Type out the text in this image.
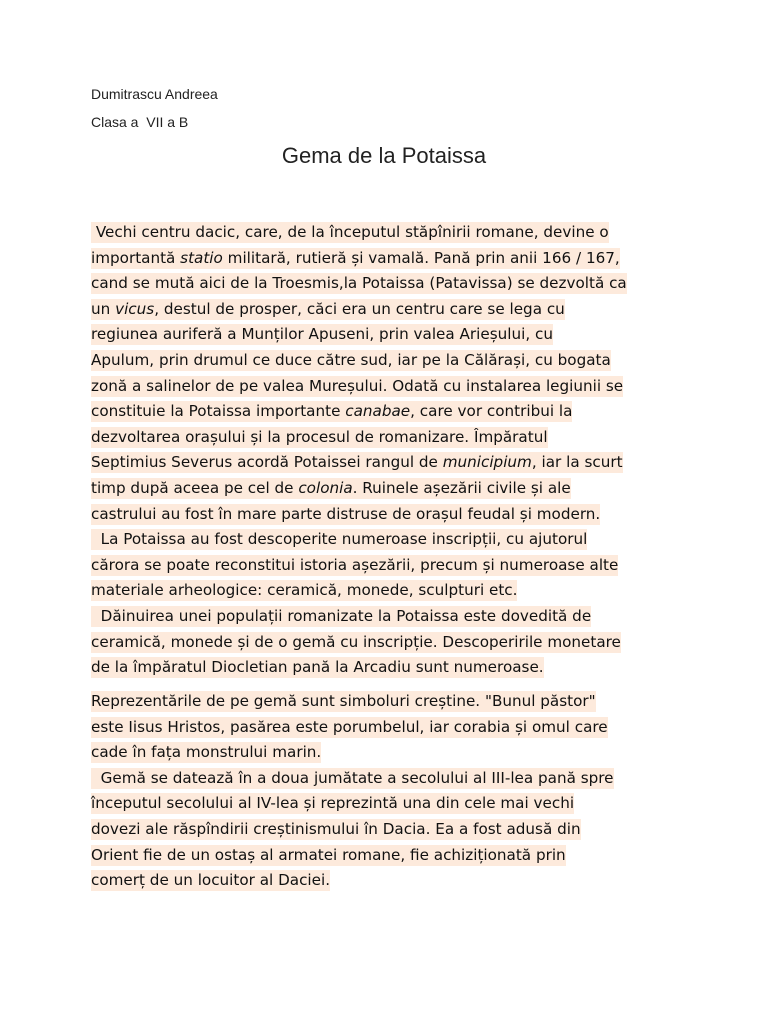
Dumitrascu Andreea
Clasa a  VII a B
Gema de la Potaissa
Vechi centru dacic, care, de la începutul stăpînirii romane, devine o
importantă statio militară, rutieră și vamală. Pană prin anii 166 / 167,
cand se mută aici de la Troesmis,la Potaissa (Patavissa) se dezvoltă ca
un vicus, destul de prosper, căci era un centru care se lega cu
regiunea auriferă a Munților Apuseni, prin valea Arieșului, cu
Apulum, prin drumul ce duce către sud, iar pe la Călărași, cu bogata
zonă a salinelor de pe valea Mureșului. Odată cu instalarea legiunii se
constituie la Potaissa importante canabae, care vor contribui la
dezvoltarea orașului și la procesul de romanizare. Împăratul
Septimius Severus acordă Potaissei rangul de municipium, iar la scurt
timp după aceea pe cel de colonia. Ruinele așezării civile și ale
castrului au fost în mare parte distruse de orașul feudal și modern.
La Potaissa au fost descoperite numeroase inscripții, cu ajutorul
cărora se poate reconstitui istoria așezării, precum și numeroase alte
materiale arheologice: ceramică, monede, sculpturi etc.
Dăinuirea unei populații romanizate la Potaissa este dovedită de
ceramică, monede și de o gemă cu inscripție. Descoperirile monetare
de la împăratul Diocletian pană la Arcadiu sunt numeroase.
Reprezentările de pe gemă sunt simboluri creștine. "Bunul păstor"
este Iisus Hristos, pasărea este porumbelul, iar corabia și omul care
cade în fața monstrului marin.
Gemă se datează în a doua jumătate a secolului al III-lea pană spre
începutul secolului al IV-lea și reprezintă una din cele mai vechi
dovezi ale răspîndirii creștinismului în Dacia. Ea a fost adusă din
Orient fie de un ostaș al armatei romane, fie achiziționată prin
comerț de un locuitor al Daciei.
